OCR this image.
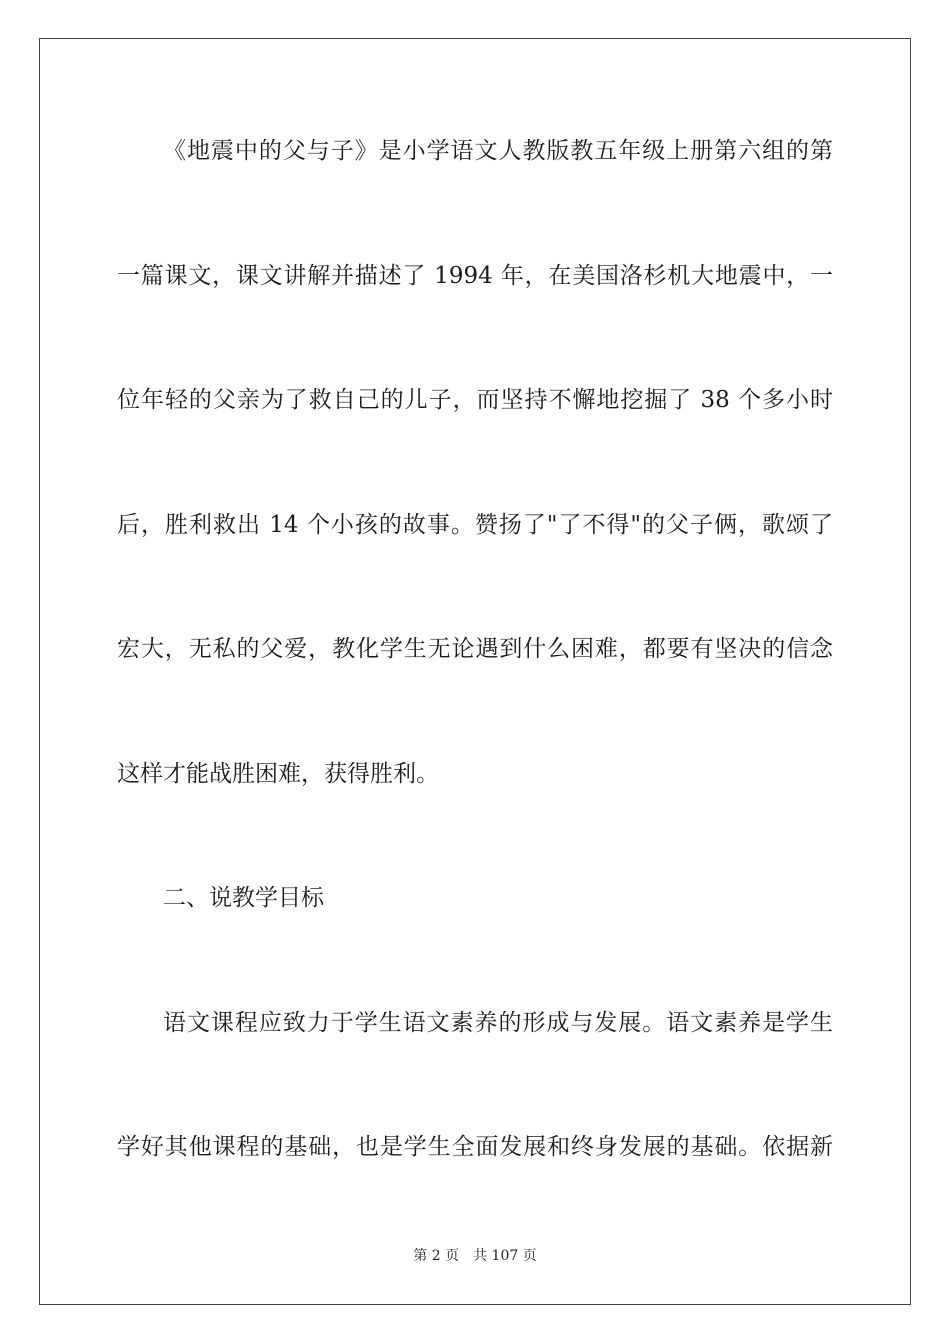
《地震中的父与子》是小学语文人教版教五年级上册第六组的第
一篇课文，课文讲解并描述了 1994 年，在美国洛杉机大地震中，一
位年轻的父亲为了救自己的儿子，而坚持不懈地挖掘了 38 个多小时
后，胜利救出 14 个小孩的故事。赞扬了"了不得"的父子俩，歌颂了
宏大，无私的父爱，教化学生无论遇到什么困难，都要有坚决的信念
这样才能战胜困难，获得胜利。
二、说教学目标
语文课程应致力于学生语文素养的形成与发展。语文素养是学生
学好其他课程的基础，也是学生全面发展和终身发展的基础。依据新
第 2 页 共 107 页
